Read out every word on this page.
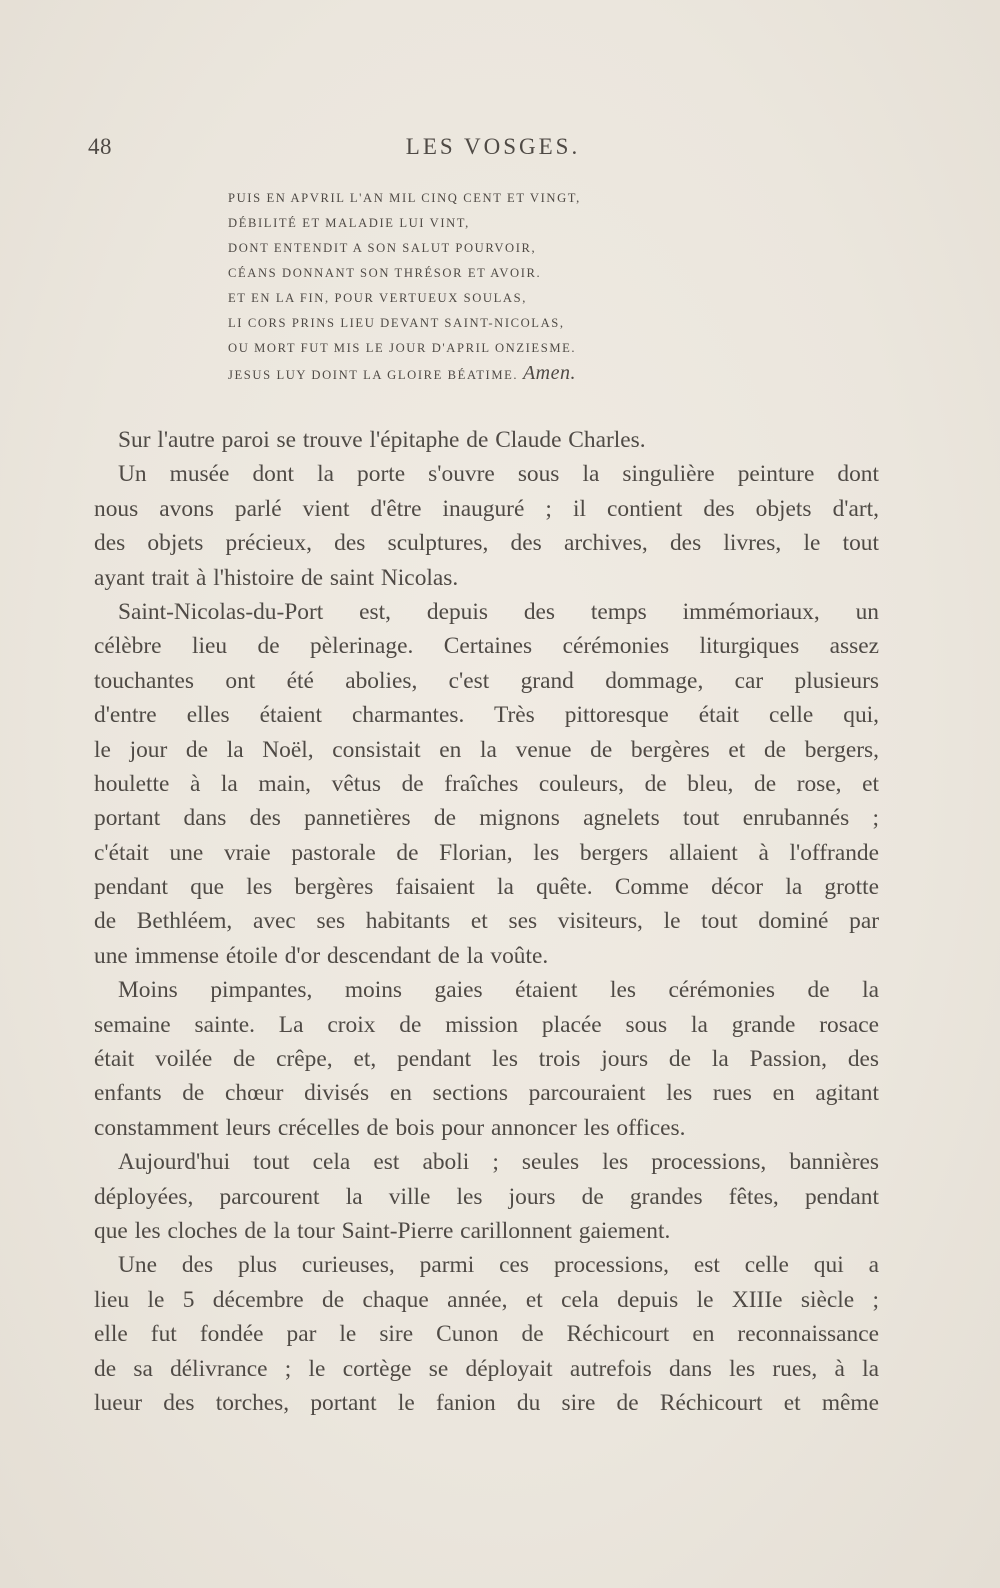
48	LES VOSGES.
PUIS EN APVRIL L'AN MIL CINQ CENT ET VINGT,
DÉBILITÉ ET MALADIE LUI VINT,
DONT ENTENDIT A SON SALUT POURVOIR,
CÉANS DONNANT SON THRÉSOR ET AVOIR.
ET EN LA FIN, POUR VERTUEUX SOULAS,
LI CORS PRINS LIEU DEVANT SAINT-NICOLAS,
OU MORT FUT MIS LE JOUR D'APRIL ONZIESME.
JESUS LUY DOINT LA GLOIRE BÉATIME. Amen.
Sur l'autre paroi se trouve l'épitaphe de Claude Charles.
Un musée dont la porte s'ouvre sous la singulière peinture dont
nous avons parlé vient d'être inauguré ; il contient des objets d'art,
des objets précieux, des sculptures, des archives, des livres, le tout
ayant trait à l'histoire de saint Nicolas.
Saint-Nicolas-du-Port est, depuis des temps immémoriaux, un
célèbre lieu de pèlerinage. Certaines cérémonies liturgiques assez
touchantes ont été abolies, c'est grand dommage, car plusieurs
d'entre elles étaient charmantes. Très pittoresque était celle qui,
le jour de la Noël, consistait en la venue de bergères et de bergers,
houlette à la main, vêtus de fraîches couleurs, de bleu, de rose, et
portant dans des pannetières de mignons agnelets tout enrubannés ;
c'était une vraie pastorale de Florian, les bergers allaient à l'offrande
pendant que les bergères faisaient la quête. Comme décor la grotte
de Bethléem, avec ses habitants et ses visiteurs, le tout dominé par
une immense étoile d'or descendant de la voûte.
Moins pimpantes, moins gaies étaient les cérémonies de la
semaine sainte. La croix de mission placée sous la grande rosace
était voilée de crêpe, et, pendant les trois jours de la Passion, des
enfants de chœur divisés en sections parcouraient les rues en agitant
constamment leurs crécelles de bois pour annoncer les offices.
Aujourd'hui tout cela est aboli ; seules les processions, bannières
déployées, parcourent la ville les jours de grandes fêtes, pendant
que les cloches de la tour Saint-Pierre carillonnent gaiement.
Une des plus curieuses, parmi ces processions, est celle qui a
lieu le 5 décembre de chaque année, et cela depuis le XIIIe siècle ;
elle fut fondée par le sire Cunon de Réchicourt en reconnaissance
de sa délivrance ; le cortège se déployait autrefois dans les rues, à la
lueur des torches, portant le fanion du sire de Réchicourt et même
